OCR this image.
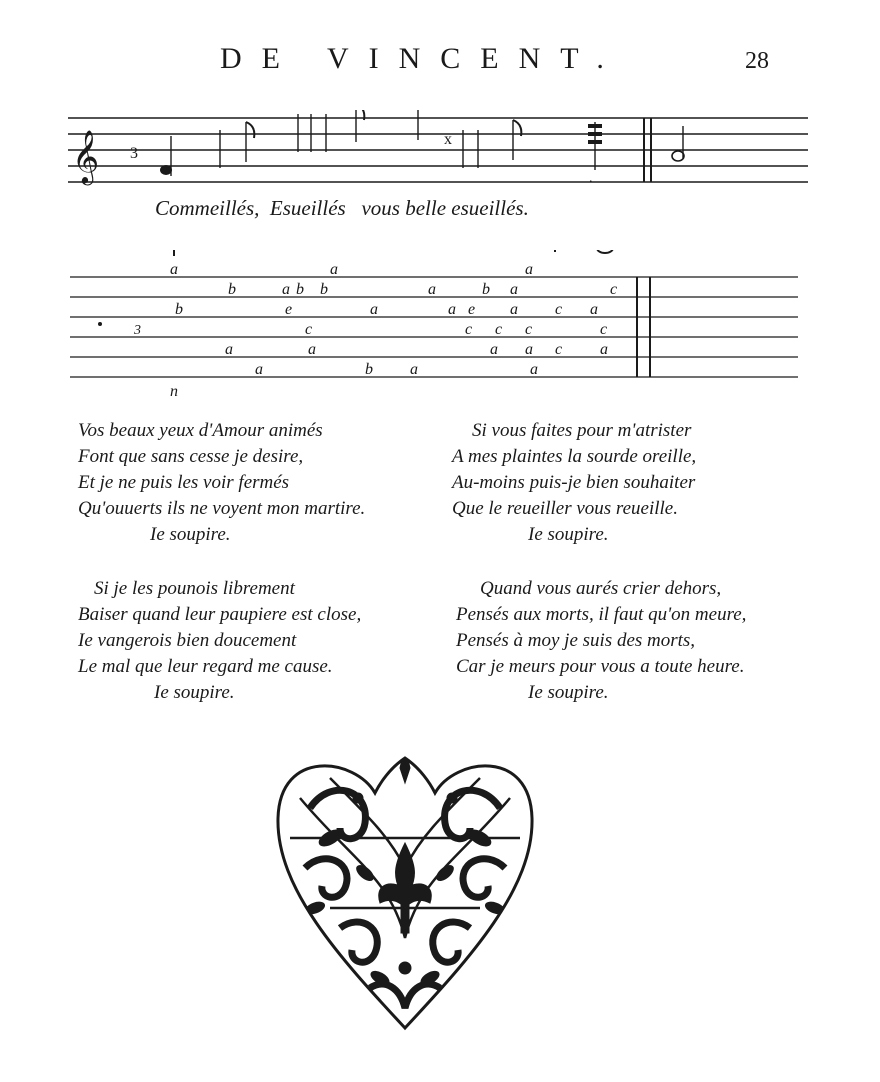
DE VINCENT.	28
𝄞 3
x
.
Commeillés,  Esueillés   vous belle esueillés.
a	a	a
b	a b b	a	b a	c
b	e	a	a e a c a
c	c c c	c
3
a	a	a a c a
a	b a	a
n
Vos beaux yeux d'Amour animés
Font que sans cesse je desire,
Et je ne puis les voir fermés
Qu'ouuerts ils ne voyent mon martire.
Ie soupire.
Si vous faites pour m'atrister
A mes plaintes la sourde oreille,
Au-moins puis-je bien souhaiter
Que le reueiller vous reueille.
Ie soupire.
Si je les pounois librement
Baiser quand leur paupiere est close,
Ie vangerois bien doucement
Le mal que leur regard me cause.
Ie soupire.
Quand vous aurés crier dehors,
Pensés aux morts, il faut qu'on meure,
Pensés à moy je suis des morts,
Car je meurs pour vous a toute heure.
Ie soupire.
